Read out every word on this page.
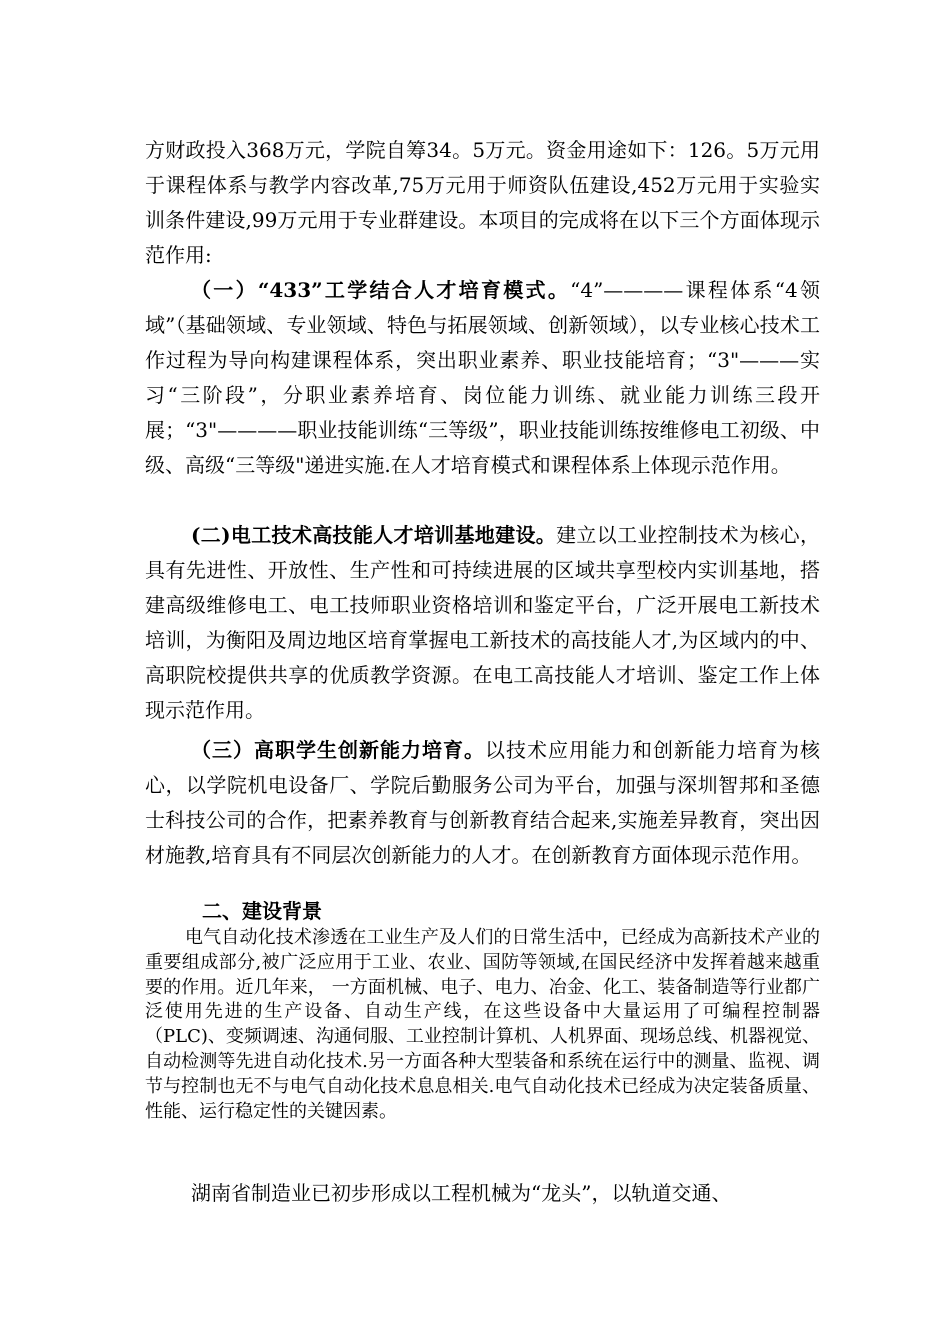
方财政投入368万元，学院自筹34。5万元。资金用途如下：126。5万元用于课程体系与教学内容改革,75万元用于师资队伍建设,452万元用于实验实训条件建设,99万元用于专业群建设。本项目的完成将在以下三个方面体现示范作用:

（一）“433”工学结合人才培育模式。“4”————课程体系“4领域”（基础领域、专业领域、特色与拓展领域、创新领域），以专业核心技术工作过程为导向构建课程体系，突出职业素养、职业技能培育；“3"———实习“三阶段”，分职业素养培育、岗位能力训练、就业能力训练三段开展；“3"————职业技能训练“三等级”，职业技能训练按维修电工初级、中级、高级“三等级"递进实施.在人才培育模式和课程体系上体现示范作用。

(二)电工技术高技能人才培训基地建设。建立以工业控制技术为核心，具有先进性、开放性、生产性和可持续进展的区域共享型校内实训基地，搭建高级维修电工、电工技师职业资格培训和鉴定平台，广泛开展电工新技术培训，为衡阳及周边地区培育掌握电工新技术的高技能人才,为区域内的中、高职院校提供共享的优质教学资源。在电工高技能人才培训、鉴定工作上体现示范作用。

（三）高职学生创新能力培育。以技术应用能力和创新能力培育为核心，以学院机电设备厂、学院后勤服务公司为平台，加强与深圳智邦和圣德士科技公司的合作，把素养教育与创新教育结合起来,实施差异教育，突出因材施教,培育具有不同层次创新能力的人才。在创新教育方面体现示范作用。

二、建设背景

电气自动化技术渗透在工业生产及人们的日常生活中，已经成为高新技术产业的重要组成部分,被广泛应用于工业、农业、国防等领域,在国民经济中发挥着越来越重要的作用。近几年来， 一方面机械、电子、电力、冶金、化工、装备制造等行业都广泛使用先进的生产设备、自动生产线，在这些设备中大量运用了可编程控制器（PLC)、变频调速、沟通伺服、工业控制计算机、人机界面、现场总线、机器视觉、自动检测等先进自动化技术.另一方面各种大型装备和系统在运行中的测量、监视、调节与控制也无不与电气自动化技术息息相关.电气自动化技术已经成为决定装备质量、性能、运行稳定性的关键因素。

湖南省制造业已初步形成以工程机械为“龙头”，以轨道交通、
